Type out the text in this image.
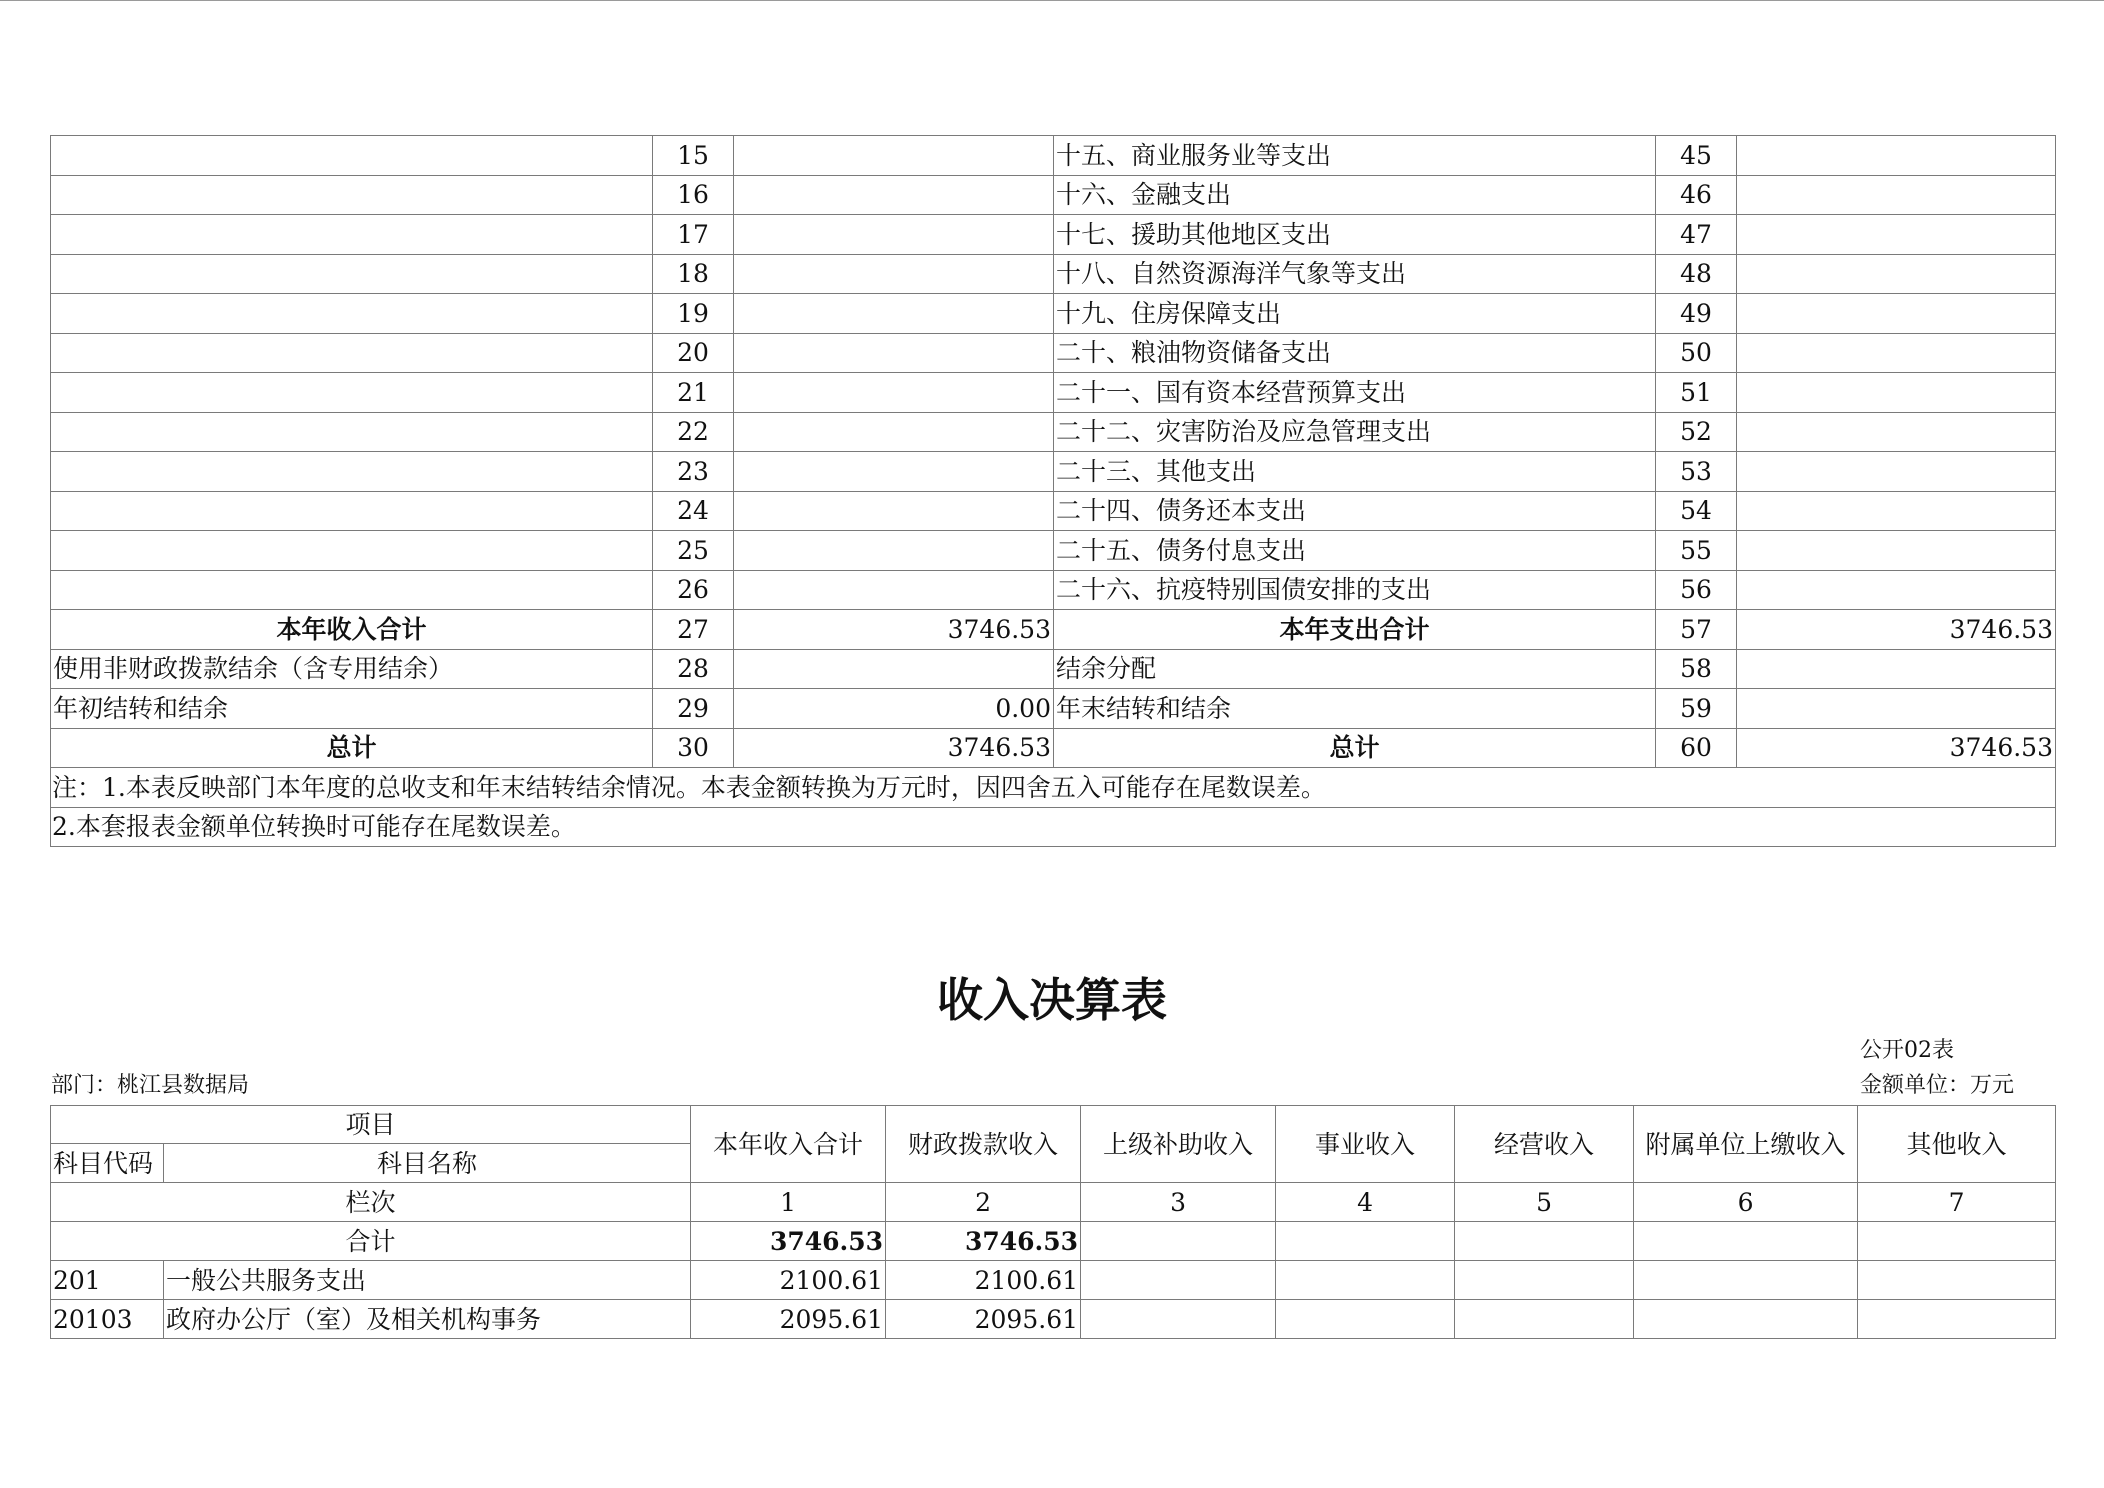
	15		十五、商业服务业等支出	45	
	16		十六、金融支出	46	
	17		十七、援助其他地区支出	47	
	18		十八、自然资源海洋气象等支出	48	
	19		十九、住房保障支出	49	
	20		二十、粮油物资储备支出	50	
	21		二十一、国有资本经营预算支出	51	
	22		二十二、灾害防治及应急管理支出	52	
	23		二十三、其他支出	53	
	24		二十四、债务还本支出	54	
	25		二十五、债务付息支出	55	
	26		二十六、抗疫特别国债安排的支出	56	
本年收入合计	27	3746.53	本年支出合计	57	3746.53
使用非财政拨款结余（含专用结余）	28		结余分配	58	
年初结转和结余	29	0.00	年末结转和结余	59	
总计	30	3746.53	总计	60	3746.53
注：1.本表反映部门本年度的总收支和年末结转结余情况。本表金额转换为万元时，因四舍五入可能存在尾数误差。					
2.本套报表金额单位转换时可能存在尾数误差。					
收入决算表
公开02表
部门：桃江县数据局	金额单位：万元
项目		本年收入合计	财政拨款收入	上级补助收入	事业收入	经营收入	附属单位上缴收入	其他收入
科目代码	科目名称							
栏次		1	2	3	4	5	6	7
合计		3746.53	3746.53					
201	一般公共服务支出	2100.61	2100.61					
20103	政府办公厅（室）及相关机构事务	2095.61	2095.61					
